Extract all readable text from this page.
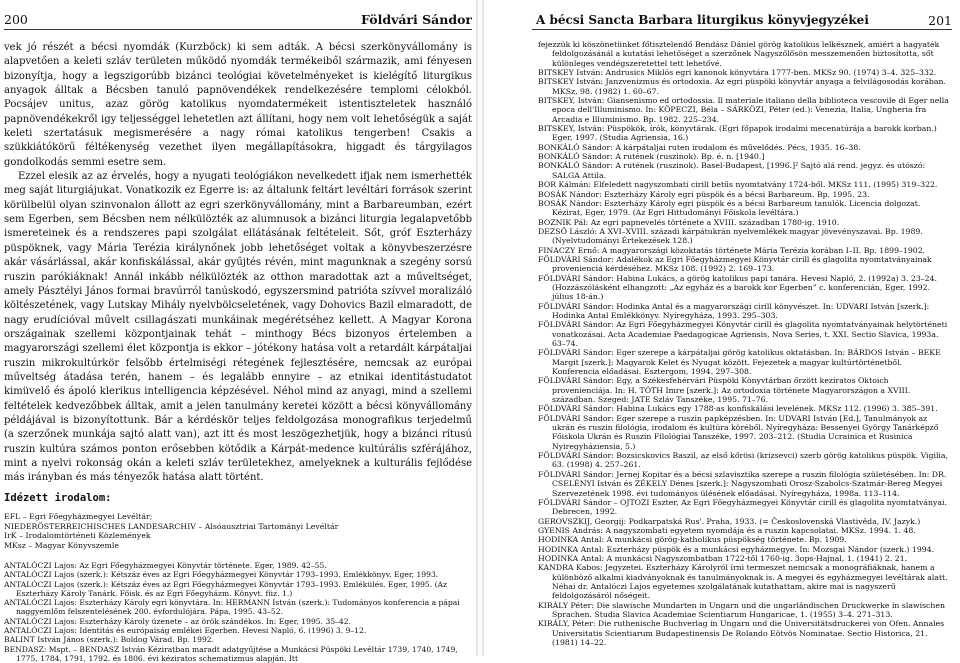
200	Földvári Sándor

vek jó részét a bécsi nyomdák (Kurzböck) ki sem adták. A bécsi szerkönyvállomány is alapvetően a keleti szláv területen működő nyomdák termékeiből származik, ami fényesen bizonyítja, hogy a legszigorúbb bizánci teológiai követelményeket is kielégítő liturgikus anyagok álltak a Bécsben tanuló papnövendékek rendelkezésére templomi célokból. Pocsájev unitus, azaz görög katolikus nyomdatermékeit istentiszteletek használó papnövendékekről igy teljességgel lehetetlen azt állítani, hogy nem volt lehetőségük a saját keleti szertatásuk megismerésére a nagy római katolikus tengerben! Csakis a szükkiátókörű féltékenység vezethet ilyen megállapításokra, higgadt és tárgyilagos gondolkodás semmi esetre sem.

Ezzel elesik az az érvelés, hogy a nyugati teológiákon nevelkedett ifjak nem ismerhették meg saját liturgiájukat. Vonatkozik ez Egerre is: az általunk feltárt levéltári források szerint körülbelül olyan szinvonalon állott az egri szerkönyvállomány, mint a Barbareumban, ezért sem Egerben, sem Bécsben nem nélkülözték az alumnusok a bizánci liturgia legalapvetőbb ismereteinek és a rendszeres papi szolgálat ellátásának feltételeit. Sőt, gróf Eszterházy püspöknek, vagy Mária Terézia királynőnek jobb lehetőséget voltak a könyvbeszerzésre akár vásárlással, akár konfiskálással, akár gyűjtés révén, mint magunknak a szegény sorsú ruszin parókiáknak! Annál inkább nélkülözték az otthon maradottak azt a műveltséget, amely Pásztélyi János formai bravúrról tanúskodó, egyszersmind patrióta szívvel moralizáló költészetének, vagy Lutskay Mihály nyelvbölcseletének, vagy Dohovics Bazil elmaradott, de nagy erudícióval művelt csillagászati munkáinak megérétséhez kellett. A Magyar Korona országainak szellemi központjainak tehát – minthogy Bécs bizonyos értelemben a magyarországi szellemi élet központja is ekkor – jótékony hatása volt a retardált kárpátaljai ruszin mikrokultúrkör felsőbb értelmiségi rétegének fejlesztésére, nemcsak az európai műveltség átadása terén, hanem – és legalább ennyire – az etnikai identitástudatot kimüvelő és ápoló klerikus intelligencia képzésével. Néhol mind az anyagi, mind a szellemi feltételek kedvezőbbek álltak, amit a jelen tanulmány keretei között a bécsi könyvállomány példájával is bizonyítottunk. Bár a kérdéskör teljes feldolgozása monografikus terjedelmű (a szerzőnek munkája sajtó alatt van), azt itt és most leszögezhetjük, hogy a bizánci rítusú ruszin kultúra számos ponton erősebben kötődik a Kárpát-medence kultúrális szférájához, mint a nyelvi rokonság okán a keleti szláv területekhez, amelyeknek a kulturális fejlődése más irányban és más tényezők hatása alatt történt.

Idézett irodalom:
EFL – Egri Főegyházmegyei Levéltár;
NIEDERÖSTERREICHISCHES LANDESARCHIV – Alsóausztriai Tartományi Levéltár
IrK – Irodalomtörténeti Közlemények
MKsz – Magyar Könyvszemle
ANTALÓCZI Lajos: Az Egri Főegyházmegyei Könyvtár története. Eger, 1989. 42–55.
ANTALÓCZI Lajos (szerk.): Kétszáz éves az Egri Főegyházmegyei Könyvtár 1793–1993. Emlékkönyv. Eger, 1993.
ANTALÓCZI Lajos (szerk.): Kétszáz éves az Egri Főegyházmegyei Könyvtár 1793–1993. Emlékülés. Eger, 1995. (Az Eszterházy Károly Tanárk. Főisk. és az Egri Főegyházm. Könyvt. füz. 1.)
ANTALÓCZI Lajos: Eszterházy Károly egri könyvtára. In: HERMANN István (szerk.): Tudományos konferencia a pápai naggyemlőm felszentelésének 200. évfordulójára. Pápa, 1995. 43–52.
ANTALÓCZI Lajos: Eszterházy Károly üzenete – az örök szándékos. In: Eger, 1995. 35–42.
ANTALÓCZI Lajos: Identitás és európaiság emlékei Egerben. Hevesi Napló, 6. (1996) 3. 9–12.
BALINT István János (szerk.): Boldog Várad. Bp. 1992.
BENDASZ: Mspt. – BENDASZ István Kéziratban maradt adatgyűjtése a Munkácsi Püspöki Levéltár 1739, 1740, 1749, 1775, 1784, 1791, 1792. és 1806. évi kéziratos schematizmus alapján. Itt
A bécsi Sancta Barbara liturgikus könyvjegyzékei	201
fejezzük ki köszönetünket főtisztelendő Bendász Dániel görög katolikus lelkésznek, amiért a hagyaték feldolgozásánál a kutatási lehetőséget a szerzőnek Nagyszőlősön messzemenően biztosította, sőt különleges vendégszeretettel tett lehetővé.
BITSKEY István: Andrusics Miklós egri kanonok könyvtára 1777-ben. MKSz 90. (1974) 3–4. 325–332.
BITSKEY István: Janzvenizmus és ortodoxia. Az egri püspöki könyvtár anyaga a felvilágosodás korában. MKSz, 98. (1982) 1. 60–67.
BITSKEY, István: Giansenismo ed ortodossia. Il materiale italiano della biblioteca vescovile di Eger nella epoca dell'Illuminismo. In: KÖPECZI, Béla – SÁRKÖZI, Péter (ed.): Venezia, Italia, Ungheria fra Arcadia e Illuminismo. Bp. 1982. 225–234.
BITSKEY, István: Püspökök, írók, könyvtárak. (Egri főpapok irodalmi mecenatúrája a barokk korban.) Eger, 1997. (Studia Agriensia, 16.)
BONKÁLÓ Sándor: A kárpátaljai ruten irodalom és művelődés. Pécs, 1935. 16–38.
BONKÁLÓ Sándor: A rutének (ruszinok). Bp. é. n. [1940.]
BONKÁLÓ Sándor: A rutének (ruszinok). Basel-Budapest, [1996.]² Sajtó alá rend. jegyz. és utószó: SALGA Attila.
BOR Kálmán: Elfeledett nagyszombati cirill betűs nyomtatvány 1724-ből. MKSz 111. (1995) 319–322.
BOSÁK Nándor: Eszterházy Károly egri püspök és a bécsi Barbareum. Bp. 1995. 23.
BOSÁK Nándor: Eszterházy Károly egri püspök és a bécsi Barbareum tanulók. Licencia dolgozat. Kézirat, Eger, 1979. (Az Egri Hittudományi Főiskola levéltára.)
BOZNIK Pál: Az egri papnevelés története a XVIII. században 1780-ig. 1910.
DEZSŐ László: A XVI–XVIII. századi kárpátukrán nyelvemlékek magyar jövevényszavai. Bp. 1989. (Nyelvtudományi Értekezések 128.)
FINACZY Ernő: A magyarországi közoktatás története Mária Terézia korában I–II. Bp. 1899–1902.
FÖLDVÁRI Sándor: Adalékok az Egri Főegyházmegyei Könyvtár cirill és glagolita nyomtatványainak provenienciá kérdéséhez. MKSz 108. (1992) 2. 169–173.
FÖLDVÁRI Sándor: Habina Lukács, a görög katolikus papi tanára. Hevesi Napló, 2. (1992a) 3. 23–24. (Hozzászólásként elhangzott: „Az egyház és a barokk kor Egerben” c. konferencián, Eger, 1992. július 18-án.)
FÖLDVÁRI Sándor: Hodinka Antal és a magyarországi cirill könyvészet. In: UDVARI István [szerk.]: Hodinka Antal Emlékkönyv. Nyíregyháza, 1993. 295–303.
FÖLDVÁRI Sándor: Az Egri Főegyházmegyei Könyvtár cirill és glagolita nyomtatványainak helytörténeti vonatkozásai. Acta Academiae Paedagogicae Agriensis, Nova Series, t. XXI. Sectio Slavica, 1993a. 63–74.
FÖLDVÁRI Sándor: Eger szerepe a kárpátaljai görög katolikus oktatásban. In: BÁRDOS István – BEKE Margit [szerk.]: Magyarok Kelet és Nyugat között. Fejezetek a magyar kultúrtörténetből. Konferencia előadásai. Esztergom, 1994. 297–308.
FÖLDVÁRI Sándor: Egy, a Székesfehérvári Püspöki Könyvtárban őrzött keziratos Oktoich provenienciája. In: H. TÓTH Imre [szerk.]: Az ortodoxia története Magyarországon a XVIII. században. Szeged: JATE Szláv Tanszéke, 1995. 71–76.
FÖLDVÁRI Sándor: Habina Lukács egy 1788-as konfiskálási levelének. MKSz 112. (1996) 3. 385–391.
FÖLDVÁRI Sándor: Eger szerepe a ruszin papképzésben. In: UDVARI István [Ed.], Tanulmányok az ukrán és ruszin filológia, irodalom és kultúra köréből. Nyíregyháza: Bessenyei György Tanárképző Főiskola Ukrán és Ruszin Filológiai Tanszéke, 1997. 203–212. (Studia Ucrainica et Rusinica Nyiregyháziensia, 5.)
FÖLDVÁRI Sándor: Bozsicskovics Baszil, az első kőrösi (krizsevci) szerb görög katolikus püspök. Vigilia, 63. (1998) 4. 257–261.
FÖLDVÁRI Sándor: Jernej Kopitar és a bécsi szlavisztika szerepe a ruszin filológia születésében. In: DR. CSELÉNYI István és ZÉKELY Dénes [szerk.]: Nagyszombati Orosz-Szabolcs-Szatmár-Bereg Megyei Szervezetének 1998. évi tudományos ülésének előadásai. Nyíregyháza, 1998a. 113–114.
FÖLDVÁRI Sándor – OJTOZI Eszter, Az Egri Főegyházmegyei Könyvtár cirill és glagolita nyomtatványai. Debrecen, 1992.
GEROVSZKIJ, Georgij: Podkarpatská Rus'. Praha, 1933. (= Československá Vlastivěda, IV. Jazyk.)
GYENIS András: A nagyszombati egyetem nyomdája és a ruszin kapcsolatai. MKSz. 1994. 1. 48.
HODINKA Antal: A munkácsi görög-katholikus püspökség története. Bp. 1909.
HODINKA Antal: Eszterházy püspök és a munkácsi egyházmegye. In: Mozsgai Nándor (szerk.) 1994.
HODINKA Antal: A munkácsi Nagyszombatban 1722-től 1760-ig. 3ops-Hajnal, 1. (1941) 2. 21.
KANDRA Kabos: Jegyzetei. Eszterházy Károlyról írni termeszet nemcsak a monográfiáknak, hanem a különböző alkalmi kiadványoknak és tanulmányoknak is. A megyei és egyházmegyei levéltárak alatt. Néhai dr. Antalóczi Lajos egyetemes szolgálatának kutathattam, akire mai is nagyszerű feldolgozásáról nőségeit.
KIRÁLY Péter: Die slawische Mundarten in Ungarn und die ungarländischen Druckwerke in slawischen Sprachen. Studia Slavica Academiae Scientiarum Hungaricae, 1. (1955) 3–4. 271–313.
KIRÁLY, Péter: Die ruthenische Buchverlag in Ungarn und die Universitätsdruckerei von Ofen. Annales Universitatis Scientiarum Budapestinensis De Rolando Eötvös Nominatae. Sectio Historica, 21. (1981) 14–22.
